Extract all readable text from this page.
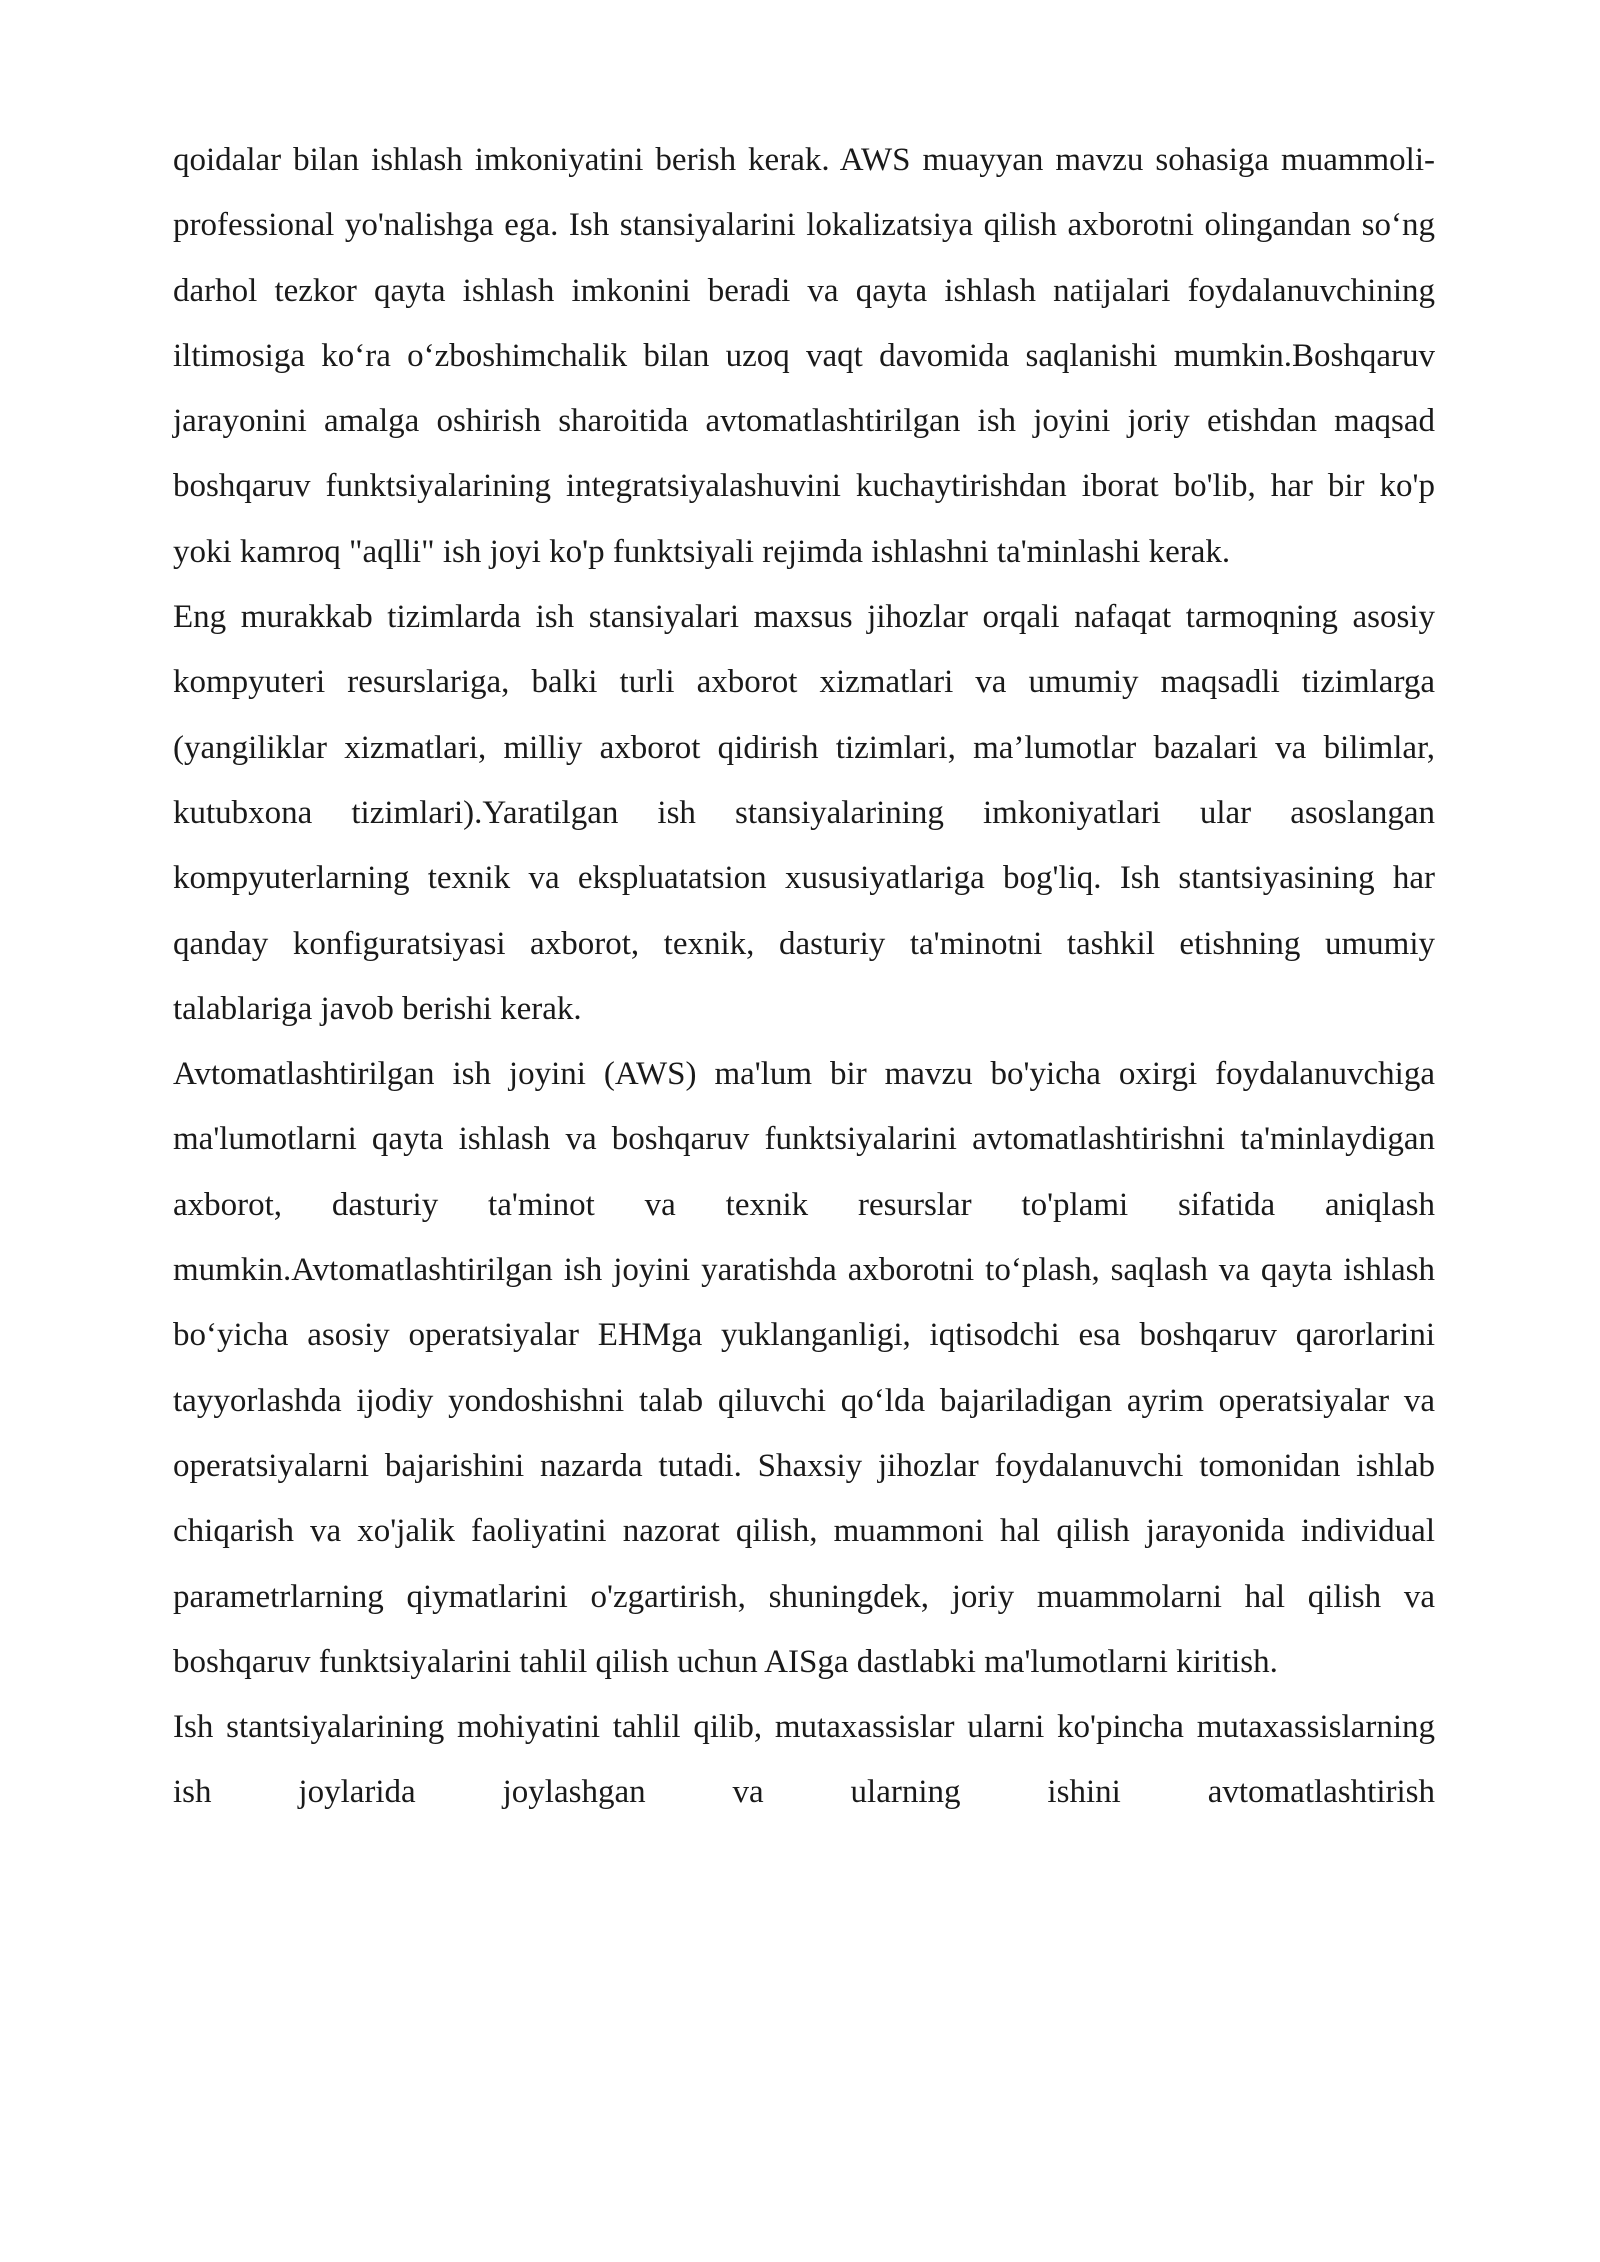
qoidalar bilan ishlash imkoniyatini berish kerak. AWS muayyan mavzu sohasiga muammoli-professional yo'nalishga ega. Ish stansiyalarini lokalizatsiya qilish axborotni olingandan so‘ng darhol tezkor qayta ishlash imkonini beradi va qayta ishlash natijalari foydalanuvchining iltimosiga ko‘ra o‘zboshimchalik bilan uzoq vaqt davomida saqlanishi mumkin.Boshqaruv jarayonini amalga oshirish sharoitida avtomatlashtirilgan ish joyini joriy etishdan maqsad boshqaruv funktsiyalarining integratsiyalashuvini kuchaytirishdan iborat bo'lib, har bir ko'p yoki kamroq "aqlli" ish joyi ko'p funktsiyali rejimda ishlashni ta'minlashi kerak.

Eng murakkab tizimlarda ish stansiyalari maxsus jihozlar orqali nafaqat tarmoqning asosiy kompyuteri resurslariga, balki turli axborot xizmatlari va umumiy maqsadli tizimlarga (yangiliklar xizmatlari, milliy axborot qidirish tizimlari, ma’lumotlar bazalari va bilimlar, kutubxona tizimlari).Yaratilgan ish stansiyalarining imkoniyatlari ular asoslangan kompyuterlarning texnik va ekspluatatsion xususiyatlariga bog'liq. Ish stantsiyasining har qanday konfiguratsiyasi axborot, texnik, dasturiy ta'minotni tashkil etishning umumiy talablariga javob berishi kerak.

Avtomatlashtirilgan ish joyini (AWS) ma'lum bir mavzu bo'yicha oxirgi foydalanuvchiga ma'lumotlarni qayta ishlash va boshqaruv funktsiyalarini avtomatlashtirishni ta'minlaydigan axborot, dasturiy ta'minot va texnik resurslar to'plami sifatida aniqlash mumkin.Avtomatlashtirilgan ish joyini yaratishda axborotni to‘plash, saqlash va qayta ishlash bo‘yicha asosiy operatsiyalar EHMga yuklanganligi, iqtisodchi esa boshqaruv qarorlarini tayyorlashda ijodiy yondoshishni talab qiluvchi qo‘lda bajariladigan ayrim operatsiyalar va operatsiyalarni bajarishini nazarda tutadi. Shaxsiy jihozlar foydalanuvchi tomonidan ishlab chiqarish va xo'jalik faoliyatini nazorat qilish, muammoni hal qilish jarayonida individual parametrlarning qiymatlarini o'zgartirish, shuningdek, joriy muammolarni hal qilish va boshqaruv funktsiyalarini tahlil qilish uchun AISga dastlabki ma'lumotlarni kiritish.

Ish stantsiyalarining mohiyatini tahlil qilib, mutaxassislar ularni ko'pincha mutaxassislarning ish joylarida joylashgan va ularning ishini avtomatlashtirish
